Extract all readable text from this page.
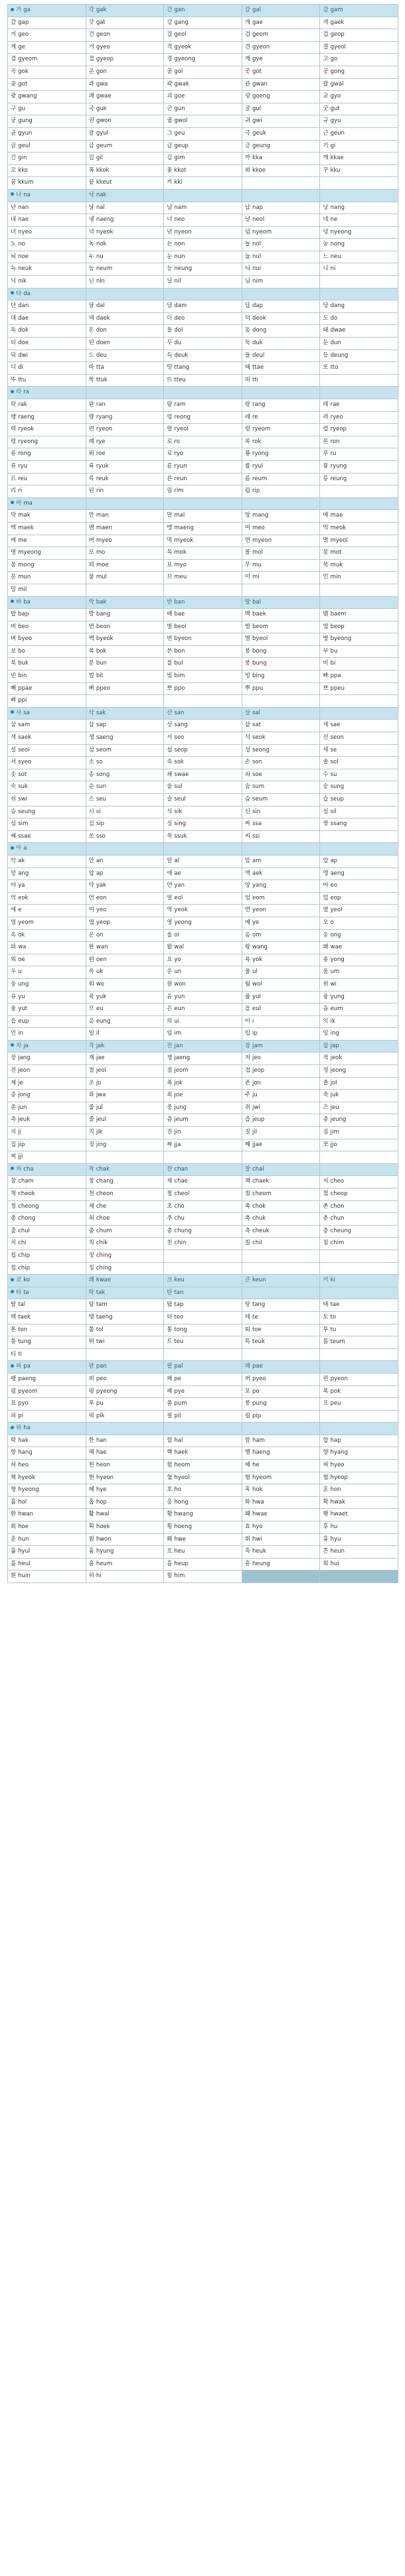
가 ga	각 gak	간 gan	갈 gal	감 gam
갑 gap	갓 gat	강 gang	개 gae	객 gaek
거 geo	건 geon	걸 geol	검 geom	겁 geop
게 ge	겨 gyeo	격 gyeok	견 gyeon	결 gyeol
겸 gyeom	겹 gyeop	경 gyeong	계 gye	고 go
곡 gok	곤 gon	골 gol	곳 got	공 gong
곶 got	과 gwa	곽 gwak	관 gwan	괄 gwal
광 gwang	괘 gwae	괴 goe	굉 goeng	교 gyo
구 gu	국 guk	군 gun	굴 gul	굿 gut
궁 gung	권 gwon	궐 gwol	귀 gwi	규 gyu
균 gyun	귤 gyul	그 geu	극 geuk	근 geun
글 geul	금 geum	급 geup	긍 geung	기 gi
긴 gin	길 gil	김 gim	까 kka	깨 kkae
꼬 kko	꼭 kkok	꽃 kkot	꾀 kkoe	꾸 kku
꿈 kkum	끝 kkeut	끼 kki
나 na	낙 nak
난 nan	날 nal	남 nam	납 nap	낭 nang
내 nae	냉 naeng	너 neo	널 neol	네 ne
녀 nyeo	녁 nyeok	년 nyeon	념 nyeom	녕 nyeong
노 no	녹 nok	논 non	놀 nol	농 nong
뇌 noe	누 nu	눈 nun	눌 nul	느 neu
늑 neuk	늠 neum	능 neung	늬 nui	니 ni
닉 nik	닌 nin	닐 nil	님 nim
다 da
단 dan	달 dal	담 dam	답 dap	당 dang
대 dae	댁 daek	더 deo	덕 deok	도 do
독 dok	돈 don	돌 dol	동 dong	돼 dwae
되 doe	된 doen	두 du	둑 duk	둔 dun
뒤 dwi	드 deu	득 deuk	들 deul	등 deung
디 di	따 tta	땅 ttang	때 ttae	또 tto
뚜 ttu	뚝 ttuk	뜨 tteu	띠 tti
라 ra
락 rak	란 ran	람 ram	랑 rang	래 rae
랭 raeng	량 ryang	렁 reong	레 re	려 ryeo
력 ryeok	련 ryeon	렬 ryeol	렴 ryeom	렵 ryeop
령 ryeong	례 rye	로 ro	록 rok	론 ron
롱 rong	뢰 roe	료 ryo	룡 ryong	루 ru
류 ryu	륙 ryuk	륜 ryun	률 ryul	륭 ryung
르 reu	륵 reuk	른 reun	름 reum	릉 reung
리 ri	린 rin	림 rim	립 rip
마 ma
막 mak	만 man	말 mal	망 mang	매 mae
맥 maek	맨 maen	맹 maeng	머 meo	먹 meok
메 me	며 myeo	멱 myeok	면 myeon	멸 myeol
명 myeong	모 mo	목 mok	몰 mol	못 mot
몽 mong	뫼 moe	묘 myo	무 mu	묵 muk
문 mun	물 mul	므 meu	미 mi	민 min
밀 mil
바 ba	박 bak	반 ban	발 bal
밥 bap	방 bang	배 bae	백 baek	뱀 baem
버 beo	번 beon	벌 beol	범 beom	법 beop
벼 byeo	벽 byeok	변 byeon	별 byeol	병 byeong
보 bo	복 bok	본 bon	봉 bong	부 bu
북 buk	분 bun	불 bul	붕 bung	비 bi
빈 bin	빌 bil	빔 bim	빙 bing	빠 ppa
빼 ppae	뻐 ppeo	뽀 ppo	뿌 ppu	쁘 ppeu
삐 ppi
사 sa	삭 sak	산 san	살 sal
삼 sam	삽 sap	상 sang	샅 sat	새 sae
색 saek	생 saeng	서 seo	석 seok	선 seon
설 seol	섬 seom	섭 seop	성 seong	세 se
셔 syeo	소 so	속 sok	손 son	솔 sol
솟 sot	송 song	쇄 swae	쇠 soe	수 su
숙 suk	순 sun	술 sul	숨 sum	숭 sung
쉬 swi	스 seu	슬 seul	슴 seum	습 seup
승 seung	시 si	식 sik	신 sin	실 sil
심 sim	십 sip	싱 sing	싸 ssa	쌍 ssang
쌔 ssae	쏘 sso	쑥 ssuk	씨 ssi
아 a
악 ak	안 an	알 al	암 am	압 ap
앙 ang	앞 ap	애 ae	액 aek	앵 aeng
야 ya	약 yak	얀 yan	양 yang	어 eo
억 eok	언 eon	얼 eol	엄 eom	업 eop
에 e	여 yeo	역 yeok	연 yeon	열 yeol
염 yeom	엽 yeop	영 yeong	예 ye	오 o
옥 ok	온 on	올 ol	옴 om	옹 ong
와 wa	완 wan	왈 wal	왕 wang	왜 wae
외 oe	왼 oen	요 yo	욕 yok	용 yong
우 u	욱 uk	운 un	울 ul	움 um
웅 ung	워 wo	원 won	월 wol	위 wi
유 yu	육 yuk	윤 yun	율 yul	융 yung
윷 yut	으 eu	은 eun	을 eul	음 eum
읍 eup	응 eung	의 ui	이 i	익 ik
인 in	일 il	임 im	입 ip	잉 ing
자 ja	작 jak	잔 jan	잠 jam	잡 jap
장 jang	재 jae	쟁 jaeng	저 jeo	적 jeok
전 jeon	절 jeol	점 jeom	접 jeop	정 jeong
제 je	조 jo	족 jok	존 jon	졸 jol
종 jong	좌 jwa	죄 joe	주 ju	죽 juk
준 jun	줄 jul	중 jung	쥐 jwi	즈 jeu
즉 jeuk	즐 jeul	즘 jeum	즙 jeup	증 jeung
지 ji	직 jik	진 jin	질 jil	짐 jim
집 jip	징 jing	짜 jja	째 jjae	쪼 jjo
찌 jji
차 cha	착 chak	찬 chan	찰 chal
참 cham	창 chang	채 chae	책 chaek	처 cheo
척 cheok	천 cheon	철 cheol	첨 cheom	첩 cheop
청 cheong	체 che	초 cho	촉 chok	촌 chon
총 chong	최 choe	추 chu	축 chuk	춘 chun
출 chul	춤 chum	충 chung	측 cheuk	층 cheung
치 chi	칙 chik	친 chin	칠 chil	침 chim
칩 chip	칭 ching
칩 chip	칭 ching
코 ko	쾌 kwae	크 keu	큰 keun	키 ki
타 ta	탁 tak	탄 tan
탈 tal	탐 tam	탑 tap	탕 tang	태 tae
택 taek	탱 taeng	터 teo	테 te	토 to
톤 ton	톨 tol	통 tong	퇴 toe	투 tu
퉁 tung	튀 twi	트 teu	특 teuk	틈 teum
티 ti
파 pa	판 pan	팔 pal	패 pae
팽 paeng	퍼 peo	페 pe	펴 pyeo	편 pyeon
폄 pyeom	평 pyeong	폐 pye	포 po	폭 pok
표 pyo	푸 pu	품 pum	풍 pung	프 peu
피 pi	픽 pik	필 pil	핍 pip
하 ha
학 hak	한 han	할 hal	함 ham	합 hap
항 hang	해 hae	핵 haek	행 haeng	향 hyang
허 heo	헌 heon	험 heom	헤 he	혀 hyeo
혁 hyeok	현 hyeon	혈 hyeol	혐 hyeom	협 hyeop
형 hyeong	혜 hye	호 ho	혹 hok	혼 hon
홀 hol	홉 hop	홍 hong	화 hwa	확 hwak
환 hwan	활 hwal	황 hwang	홰 hwae	횃 hwaet
회 hoe	획 hoek	횡 hoeng	효 hyo	후 hu
훈 hun	훤 hwon	훼 hwe	휘 hwi	휴 hyu
휼 hyul	흉 hyung	흐 heu	흑 heuk	흔 heun
흘 heul	흠 heum	흡 heup	흥 heung	희 hui
흰 huin	히 hi	힘 him
